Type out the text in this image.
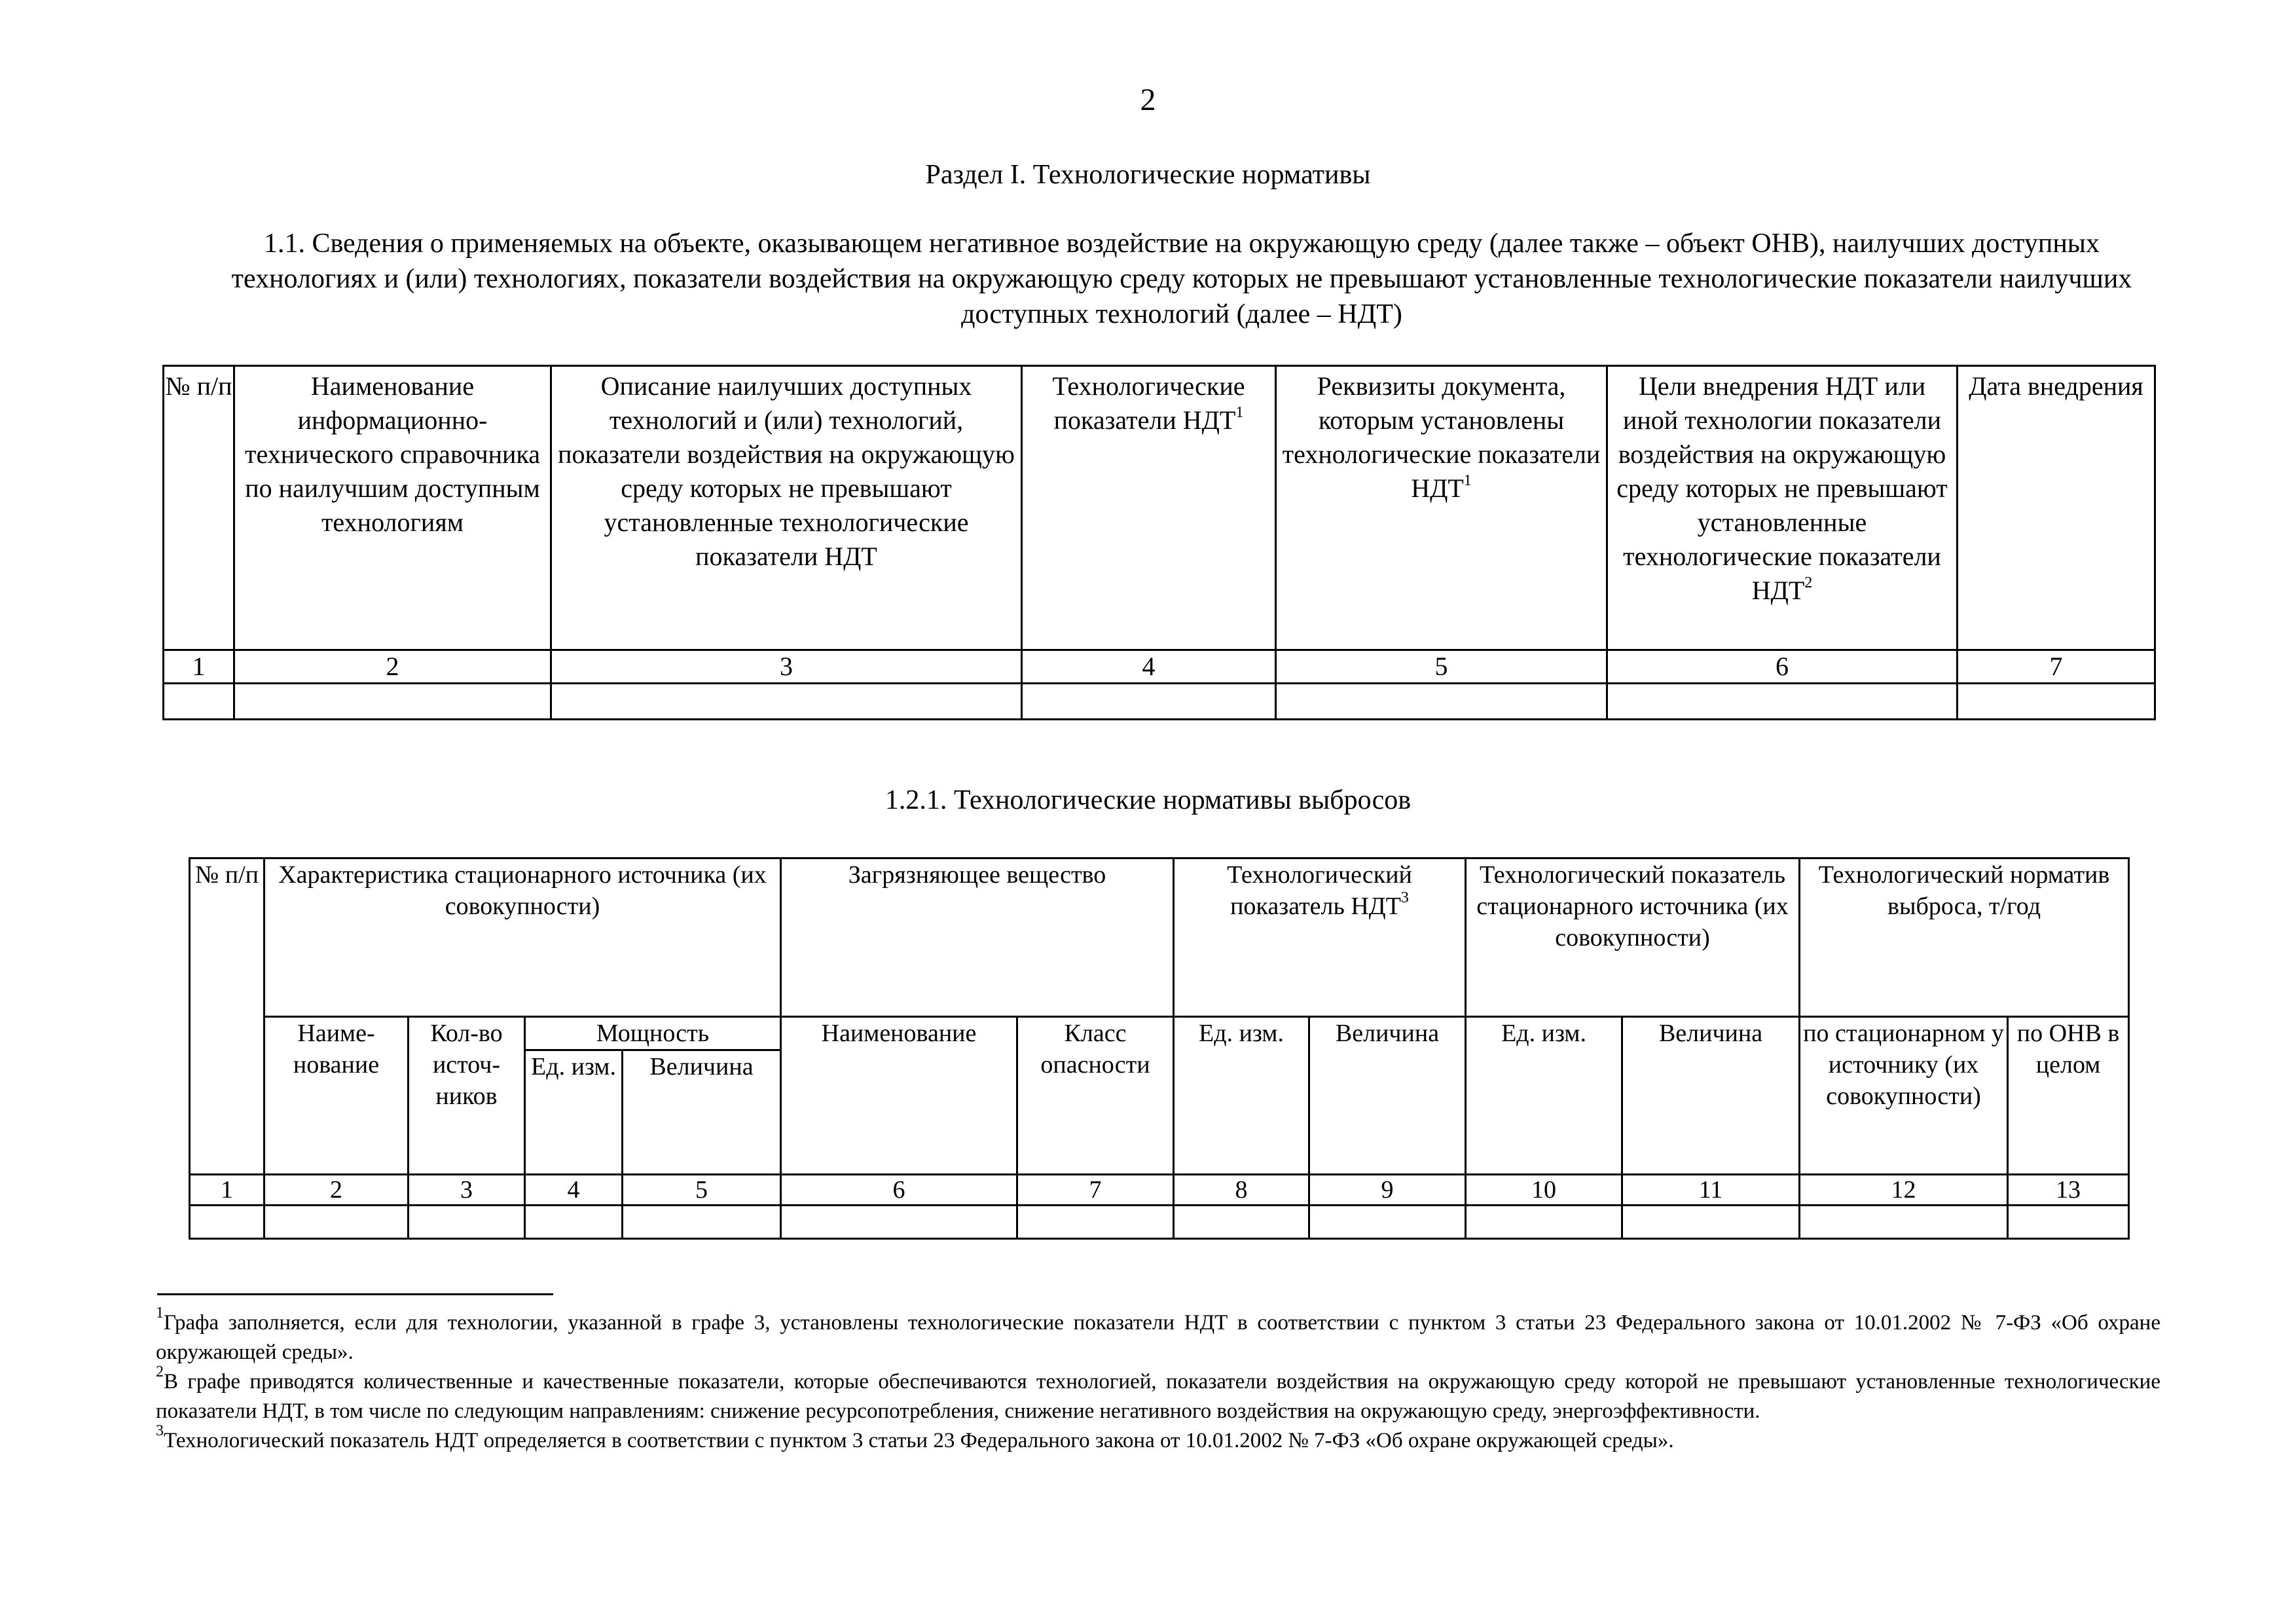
2
Раздел I. Технологические нормативы
1.1. Сведения о применяемых на объекте, оказывающем негативное воздействие на окружающую среду (далее также – объект ОНВ), наилучших доступных технологиях и (или) технологиях, показатели воздействия на окружающую среду которых не превышают установленные технологические показатели наилучших доступных технологий (далее – НДТ)
№ п/п	Наименование информационно-технического справочника по наилучшим доступным технологиям	Описание наилучших доступных технологий и (или) технологий, показатели воздействия на окружающую среду которых не превышают установленные технологические показатели НДТ	Технологические показатели НДТ$^1$	Реквизиты документа, которым установлены технологические показатели НДТ$^1$	Цели внедрения НДТ или иной технологии показатели воздействия на окружающую среду которых не превышают установленные технологические показатели НДТ$^2$	Дата внедрения
1	2	3	4	5	6	7

1.2.1. Технологические нормативы выбросов
№ п/п	Характеристика стационарного источника (их совокупности)				Загрязняющее вещество		Технологический показатель НДТ$^3$		Технологический показатель стационарного источника (их совокупности)		Технологический норматив выброса, т/год	
	Наиме-нование	Кол-во источ-ников	Мощность		Наименование	Класс опасности	Ед. изм.	Величина	Ед. изм.	Величина	по стационарном у источнику (их совокупности)	по ОНВ в целом
			Ед. изм.	Величина								
1	2	3	4	5	6	7	8	9	10	11	12	13

$^1$Графа заполняется, если для технологии, указанной в графе 3, установлены технологические показатели НДТ в соответствии с пунктом 3 статьи 23 Федерального закона от 10.01.2002 № 7-ФЗ «Об охране окружающей среды».

$^2$В графе приводятся количественные и качественные показатели, которые обеспечиваются технологией, показатели воздействия на окружающую среду которой не превышают установленные технологические показатели НДТ, в том числе по следующим направлениям: снижение ресурсопотребления, снижение негативного воздействия на окружающую среду, энергоэффективности.

$^3$Технологический показатель НДТ определяется в соответствии с пунктом 3 статьи 23 Федерального закона от 10.01.2002 № 7-ФЗ «Об охране окружающей среды».
